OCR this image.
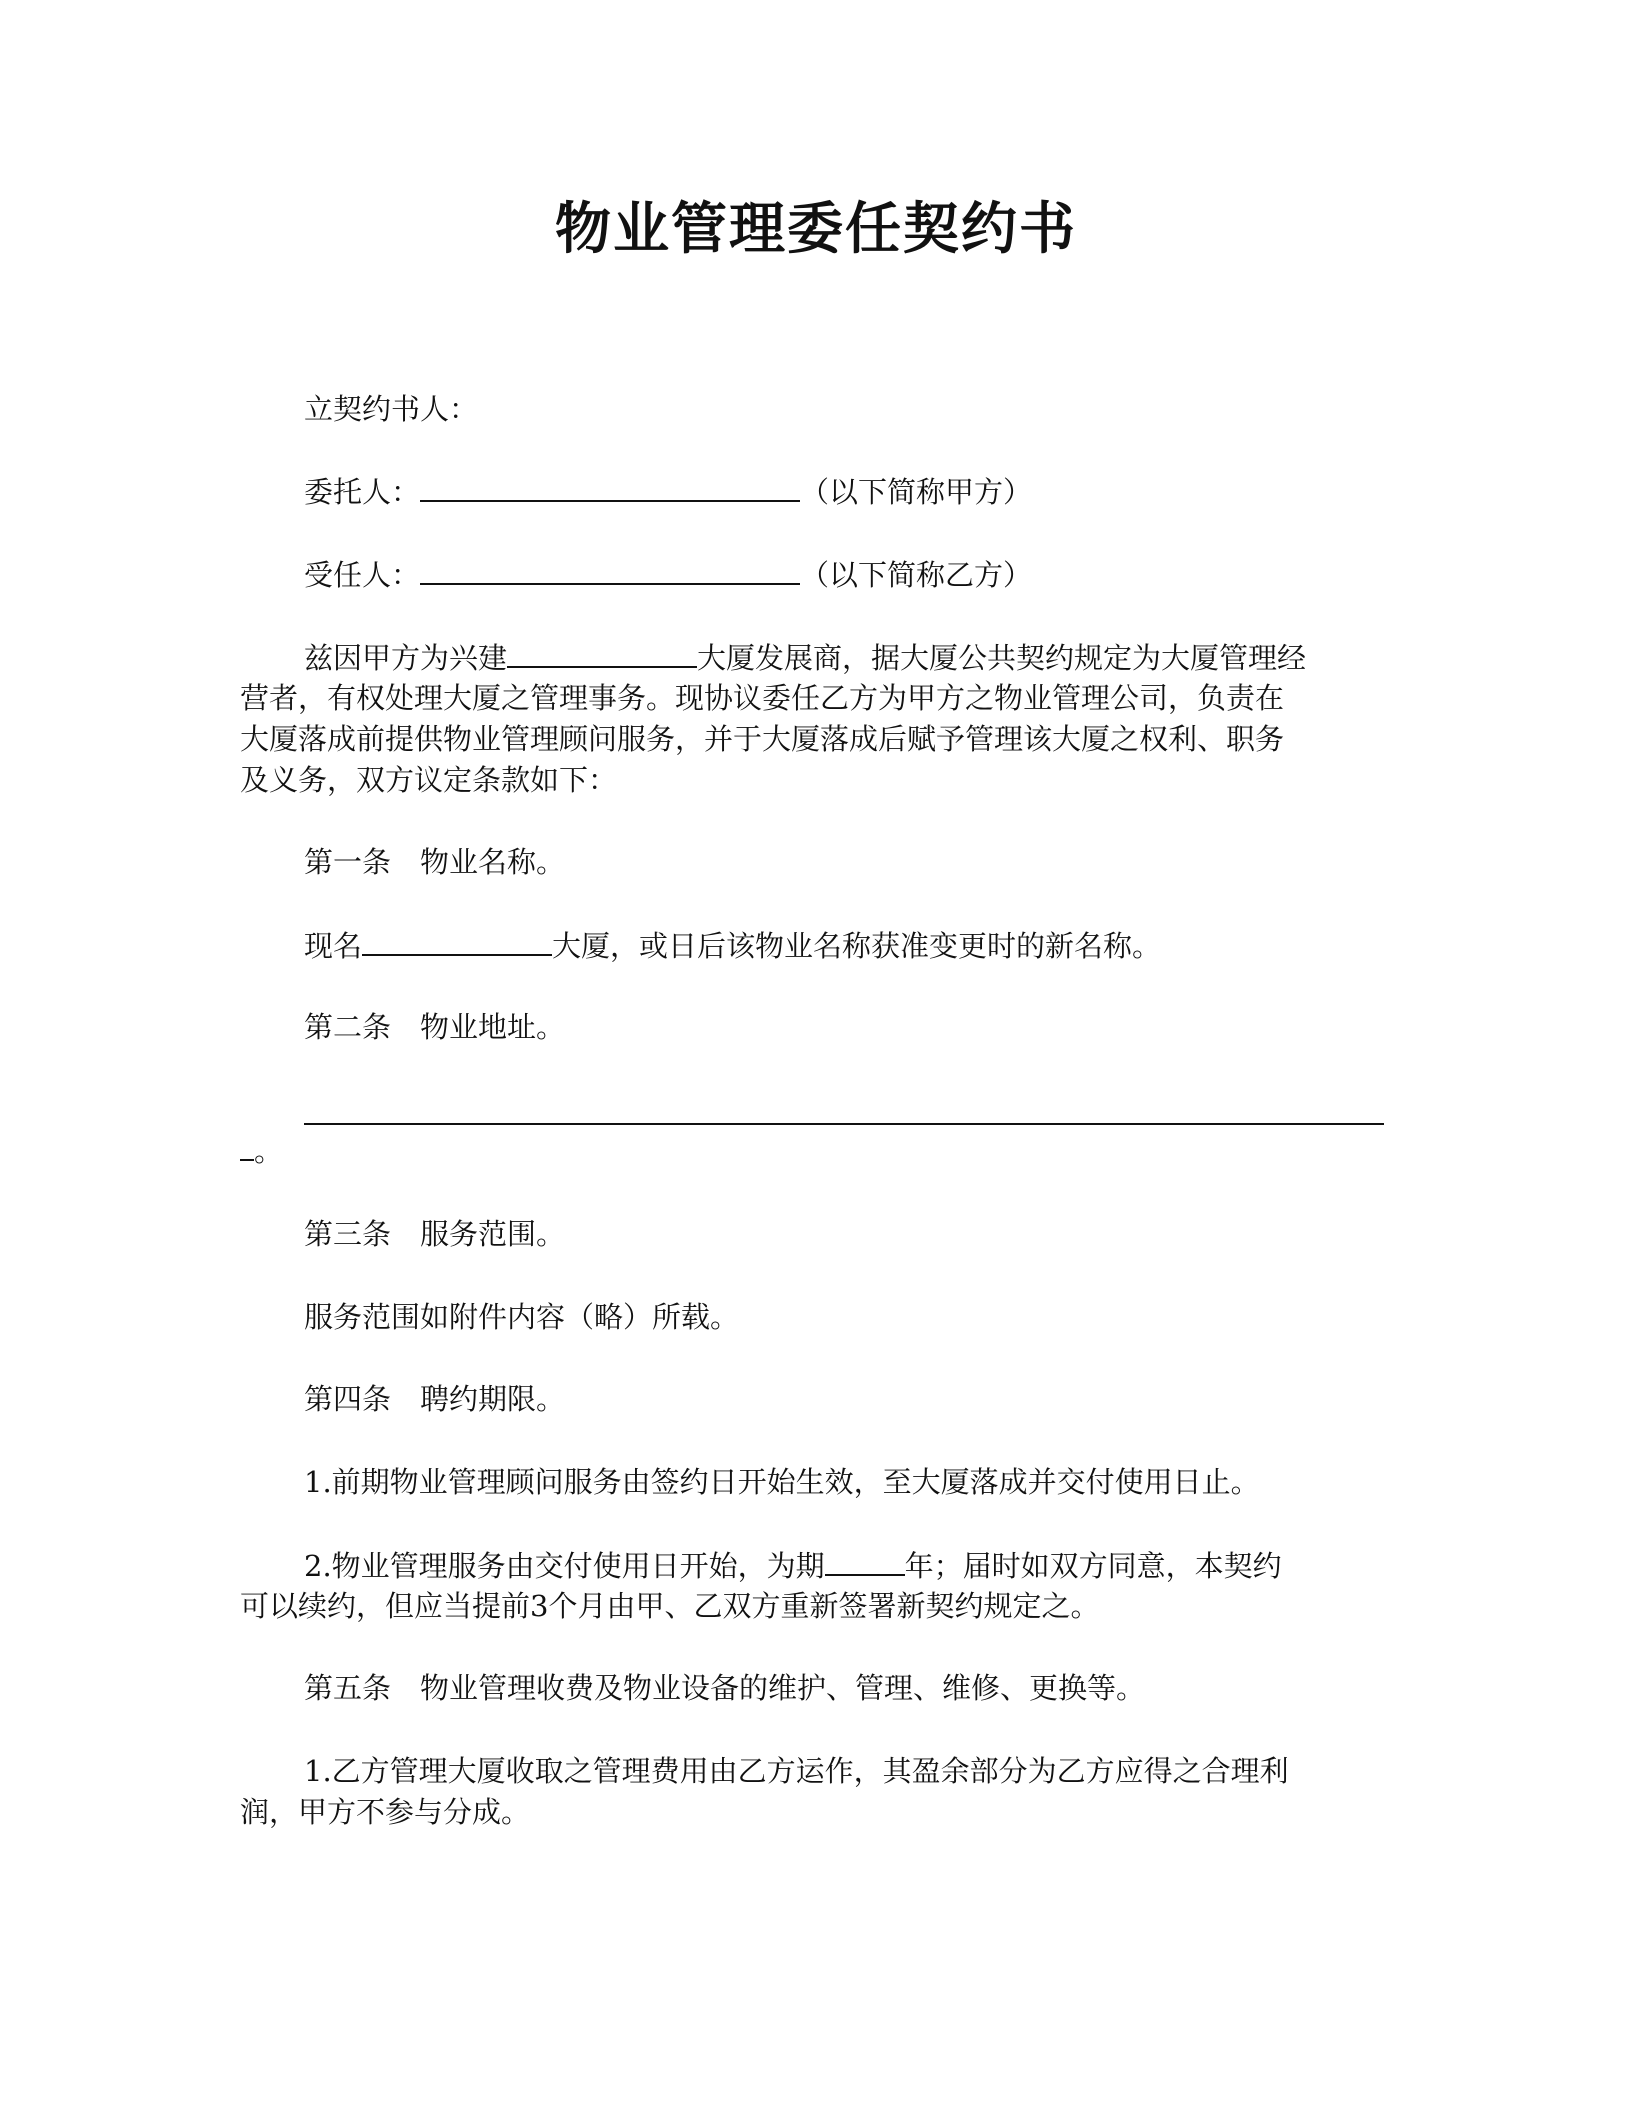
物业管理委任契约书
立契约书人：
委托人：	（以下简称甲方）
受任人：	（以下简称乙方）
兹因甲方为兴建	大厦发展商，据大厦公共契约规定为大厦管理经
营者，有权处理大厦之管理事务。现协议委任乙方为甲方之物业管理公司，负责在
大厦落成前提供物业管理顾问服务，并于大厦落成后赋予管理该大厦之权利、职务
及义务，双方议定条款如下：
第一条　物业名称。
现名	大厦，或日后该物业名称获准变更时的新名称。
第二条　物业地址。
。
第三条　服务范围。
服务范围如附件内容（略）所载。
第四条　聘约期限。
1.前期物业管理顾问服务由签约日开始生效，至大厦落成并交付使用日止。
2.物业管理服务由交付使用日开始，为期	年；届时如双方同意，本契约
可以续约，但应当提前3个月由甲、乙双方重新签署新契约规定之。
第五条　物业管理收费及物业设备的维护、管理、维修、更换等。
1.乙方管理大厦收取之管理费用由乙方运作，其盈余部分为乙方应得之合理利
润，甲方不参与分成。
